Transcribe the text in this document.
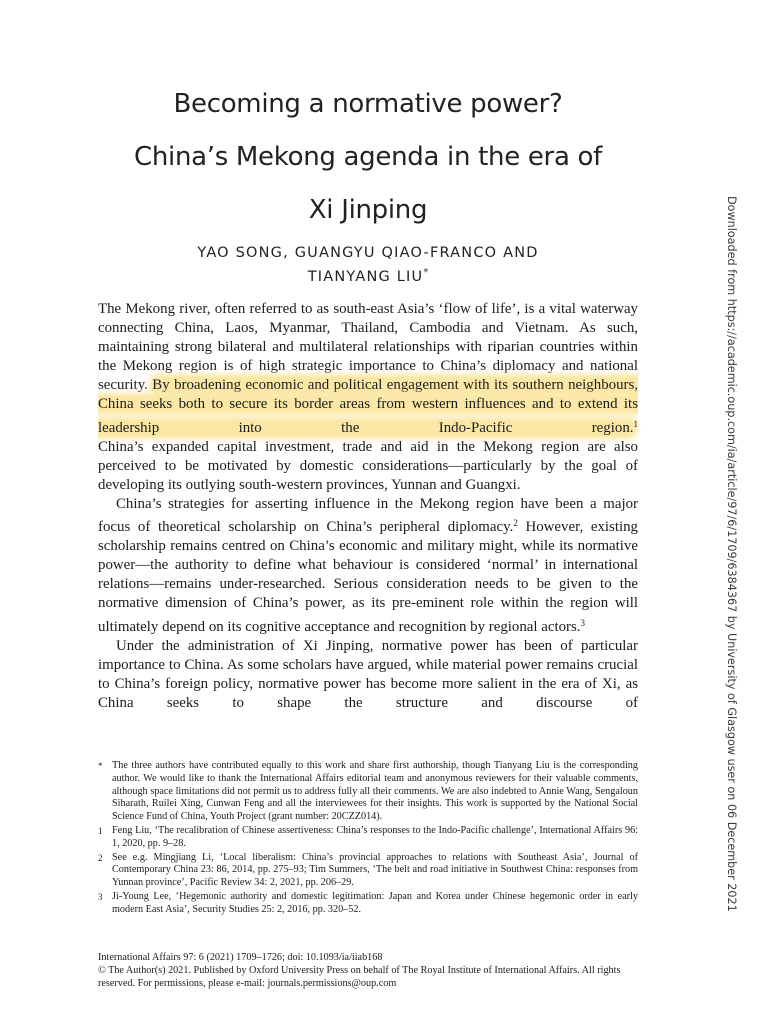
Becoming a normative power?
China’s Mekong agenda in the era of
Xi Jinping
YAO SONG, GUANGYU QIAO-FRANCO AND
TIANYANG LIU*

The Mekong river, often referred to as south-east Asia’s ‘flow of life’, is a vital waterway connecting China, Laos, Myanmar, Thailand, Cambodia and Vietnam. As such, maintaining strong bilateral and multilateral relationships with riparian countries within the Mekong region is of high strategic importance to China’s diplomacy and national security. By broadening economic and political engagement with its southern neighbours, China seeks both to secure its border areas from western influences and to extend its leadership into the Indo-Pacific region.$^1$

China’s expanded capital investment, trade and aid in the Mekong region are also perceived to be motivated by domestic considerations—particularly by the goal of developing its outlying south-western provinces, Yunnan and Guangxi.

China’s strategies for asserting influence in the Mekong region have been a major focus of theoretical scholarship on China’s peripheral diplomacy.$^2$ However, existing scholarship remains centred on China’s economic and military might, while its normative power—the authority to define what behaviour is considered ‘normal’ in international relations—remains under-researched. Serious consideration needs to be given to the normative dimension of China’s power, as its pre-eminent role within the region will ultimately depend on its cognitive acceptance and recognition by regional actors.$^3$

Under the administration of Xi Jinping, normative power has been of particular importance to China. As some scholars have argued, while material power remains crucial to China’s foreign policy, normative power has become more salient in the era of Xi, as China seeks to shape the structure and discourse of

* The three authors have contributed equally to this work and share first authorship, though Tianyang Liu is the corresponding author. We would like to thank the International Affairs editorial team and anonymous reviewers for their valuable comments, although space limitations did not permit us to address fully all their comments. We are also indebted to Annie Wang, Sengaloun Siharath, Ruilei Xing, Cunwan Feng and all the interviewees for their insights. This work is supported by the National Social Science Fund of China, Youth Project (grant number: 20CZZ014).
1 Feng Liu, ‘The recalibration of Chinese assertiveness: China’s responses to the Indo-Pacific challenge’, International Affairs 96: 1, 2020, pp. 9–28.
2 See e.g. Mingjiang Li, ‘Local liberalism: China’s provincial approaches to relations with Southeast Asia’, Journal of Contemporary China 23: 86, 2014, pp. 275–93; Tim Summers, ‘The belt and road initiative in Southwest China: responses from Yunnan province’, Pacific Review 34: 2, 2021, pp. 206–29.
3 Ji-Young Lee, ‘Hegemonic authority and domestic legitimation: Japan and Korea under Chinese hegemonic order in early modern East Asia’, Security Studies 25: 2, 2016, pp. 320–52.
International Affairs 97: 6 (2021) 1709–1726; doi: 10.1093/ia/iiab168
© The Author(s) 2021. Published by Oxford University Press on behalf of The Royal Institute of International Affairs. All rights reserved. For permissions, please e-mail: journals.permissions@oup.com
Downloaded from https://academic.oup.com/ia/article/97/6/1709/6384367 by University of Glasgow user on 06 December 2021
